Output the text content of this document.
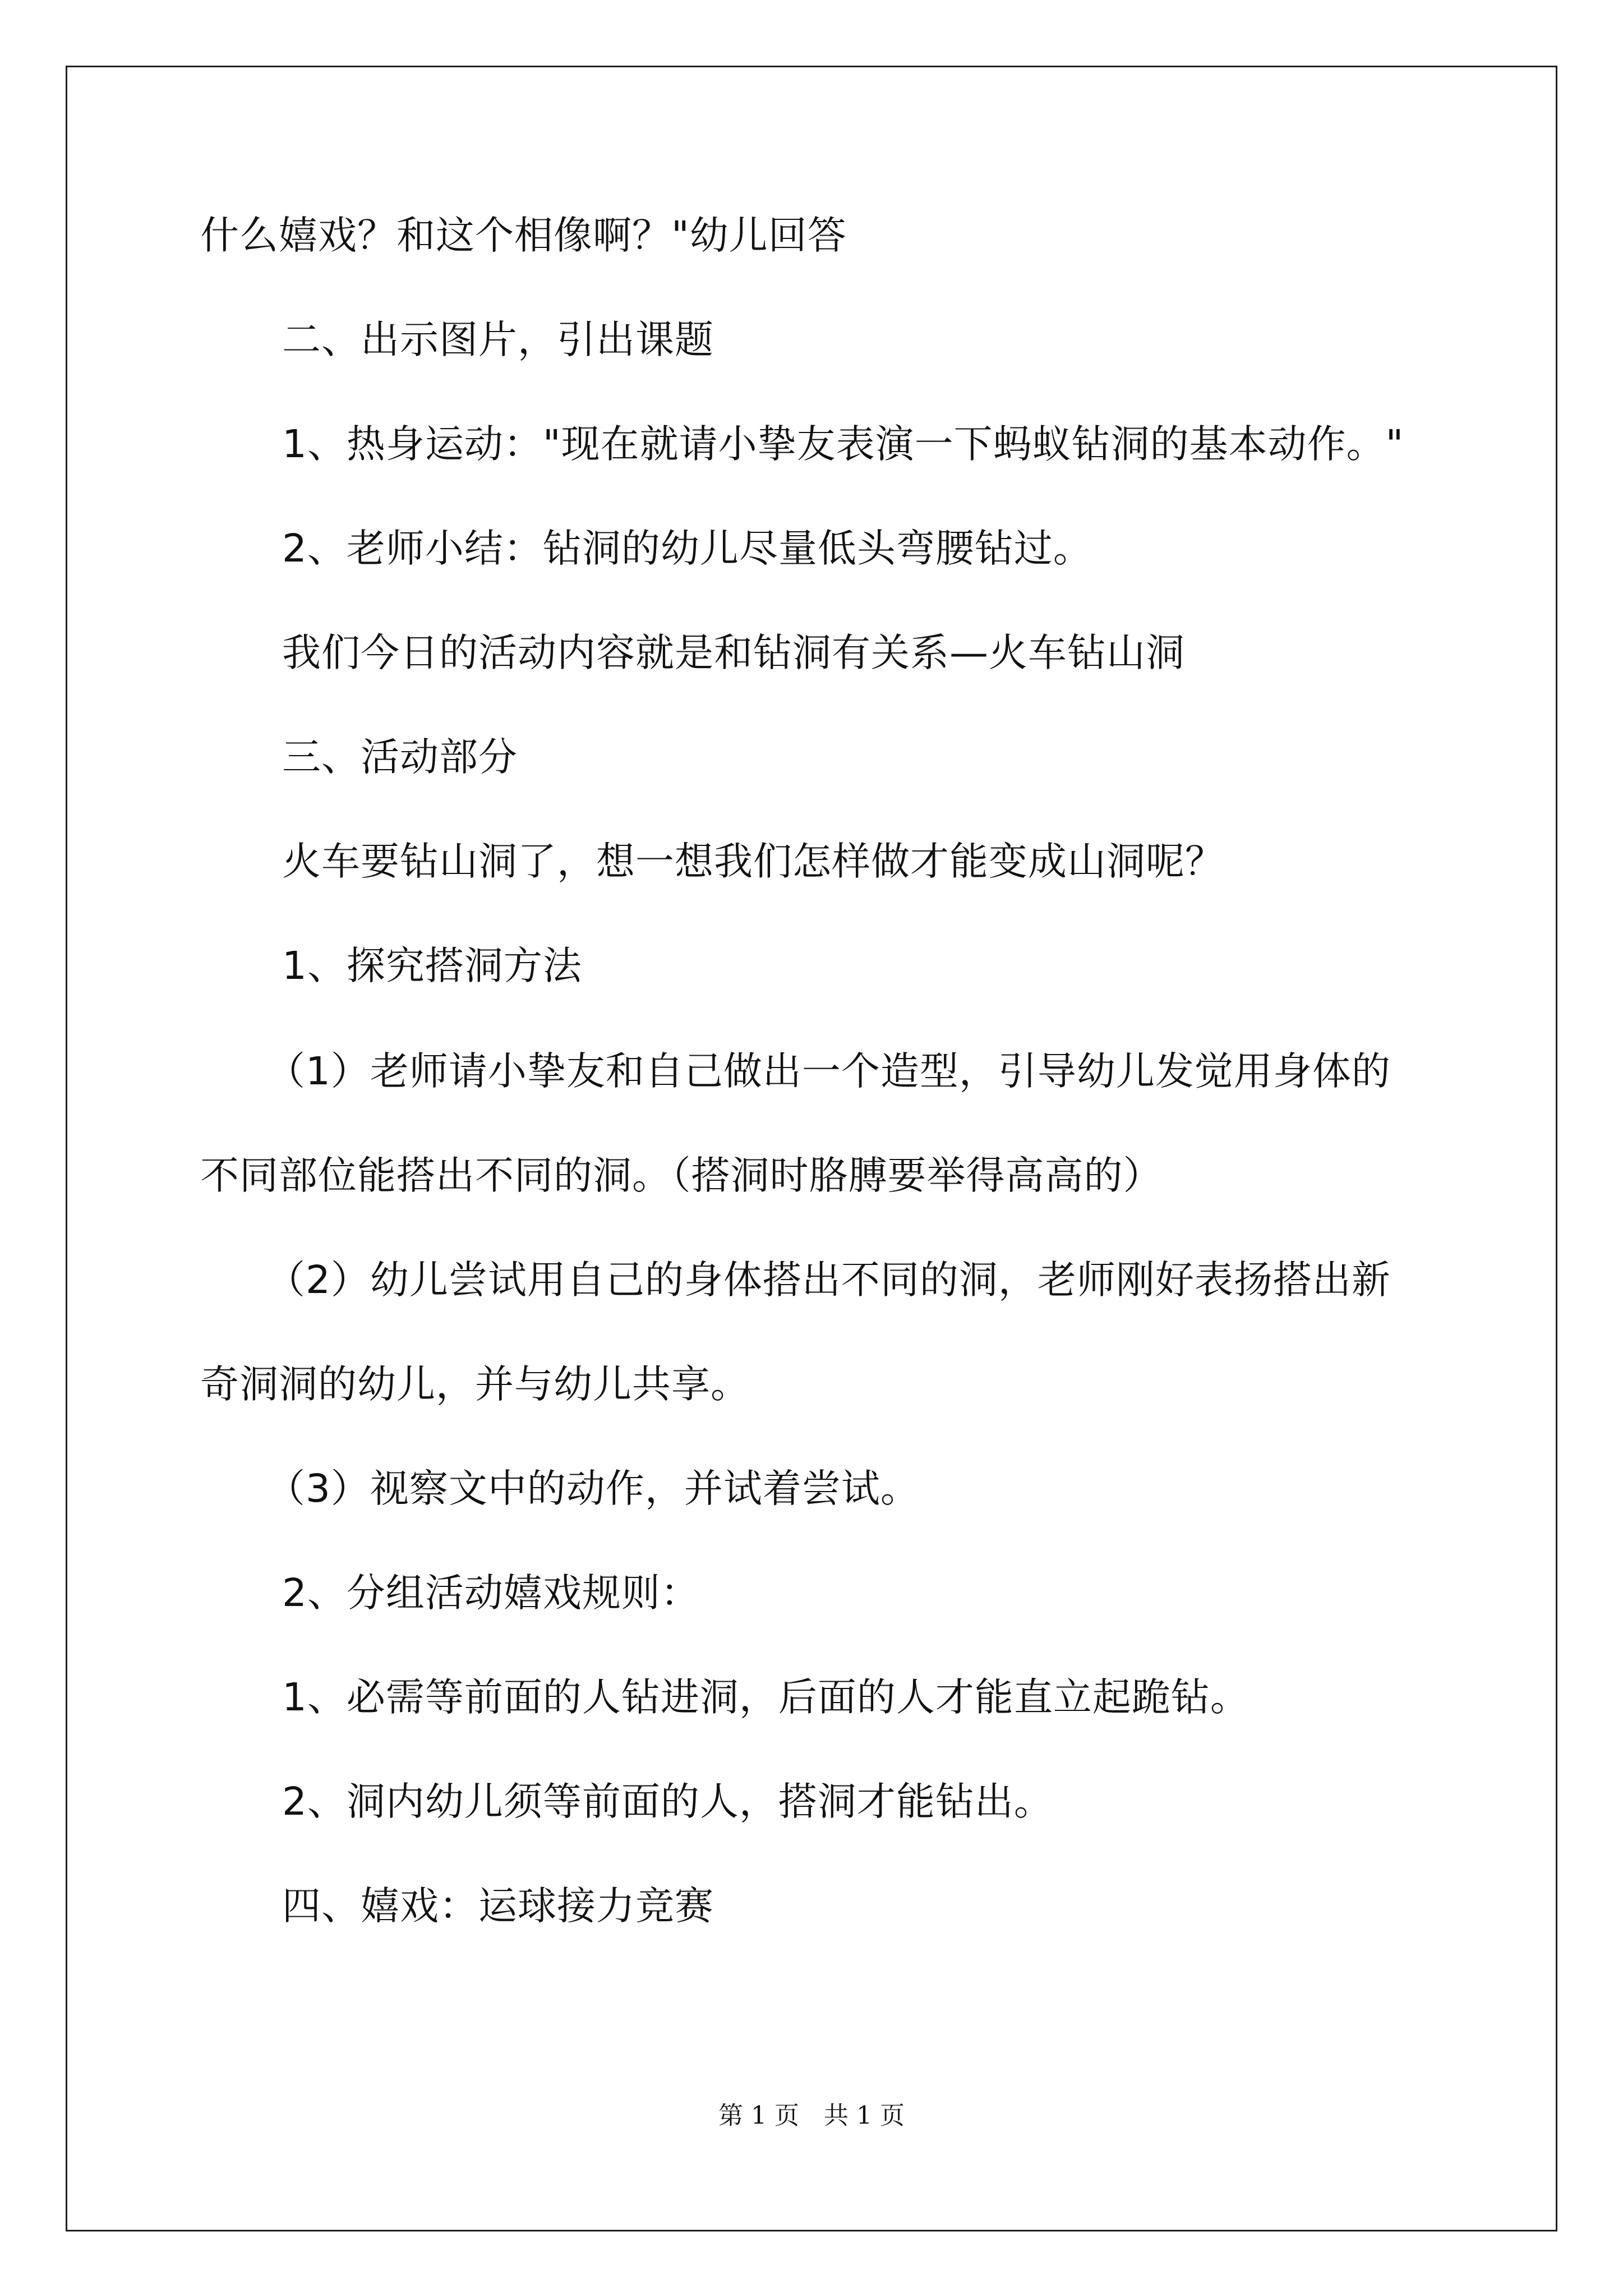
什么嬉戏？和这个相像啊？"幼儿回答
二、出示图片，引出课题
1、热身运动："现在就请小挚友表演一下蚂蚁钻洞的基本动作。"
2、老师小结：钻洞的幼儿尽量低头弯腰钻过。
我们今日的活动内容就是和钻洞有关系—火车钻山洞
三、活动部分
火车要钻山洞了，想一想我们怎样做才能变成山洞呢？
1、探究搭洞方法
（1）老师请小挚友和自己做出一个造型，引导幼儿发觉用身体的
不同部位能搭出不同的洞。（搭洞时胳膊要举得高高的）
（2）幼儿尝试用自己的身体搭出不同的洞，老师刚好表扬搭出新
奇洞洞的幼儿，并与幼儿共享。
（3）视察文中的动作，并试着尝试。
2、分组活动嬉戏规则：
1、必需等前面的人钻进洞，后面的人才能直立起跪钻。
2、洞内幼儿须等前面的人，搭洞才能钻出。
四、嬉戏：运球接力竞赛
第 1 页　共 1 页
